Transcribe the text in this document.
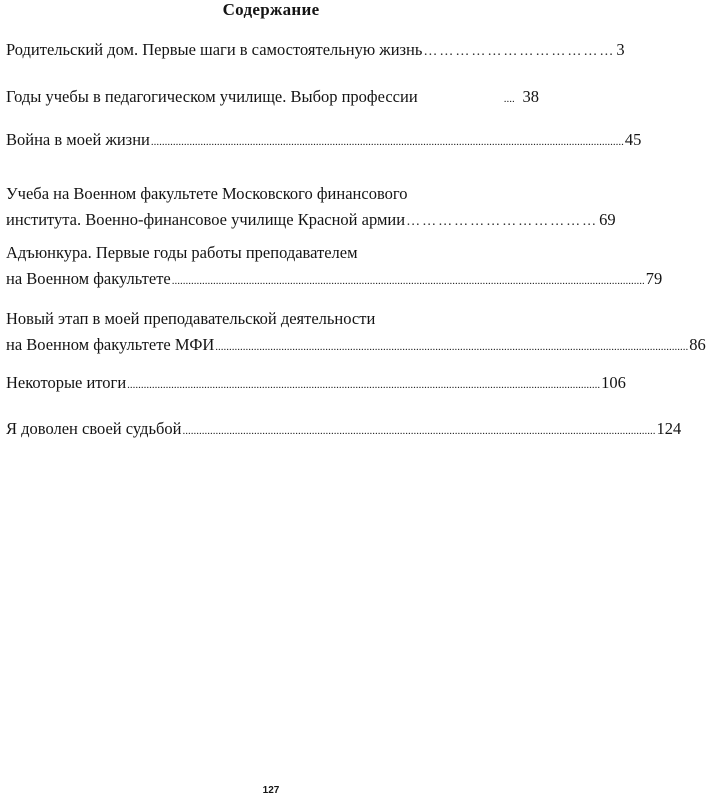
Содержание
Родительский дом. Первые шаги в самостоятельную жизнь ……………………………… 3
Годы учебы в педагогическом училище. Выбор профессии	.... 38
Война в моей жизни ............................................................................................................................................................................ 45
Учеба на Военном факультете Московского финансового
института. Военно-финансовое училище Красной армии ……………………………… 69
Адъюнкура. Первые годы работы преподавателем
на Военном факультете ............................................................................................................................................................................ 79
Новый этап в моей преподавательской деятельности
на Военном факультете МФИ ............................................................................................................................................................................ 86
Некоторые итоги ............................................................................................................................................................................ 106
Я доволен своей судьбой ............................................................................................................................................................................ 124
127
